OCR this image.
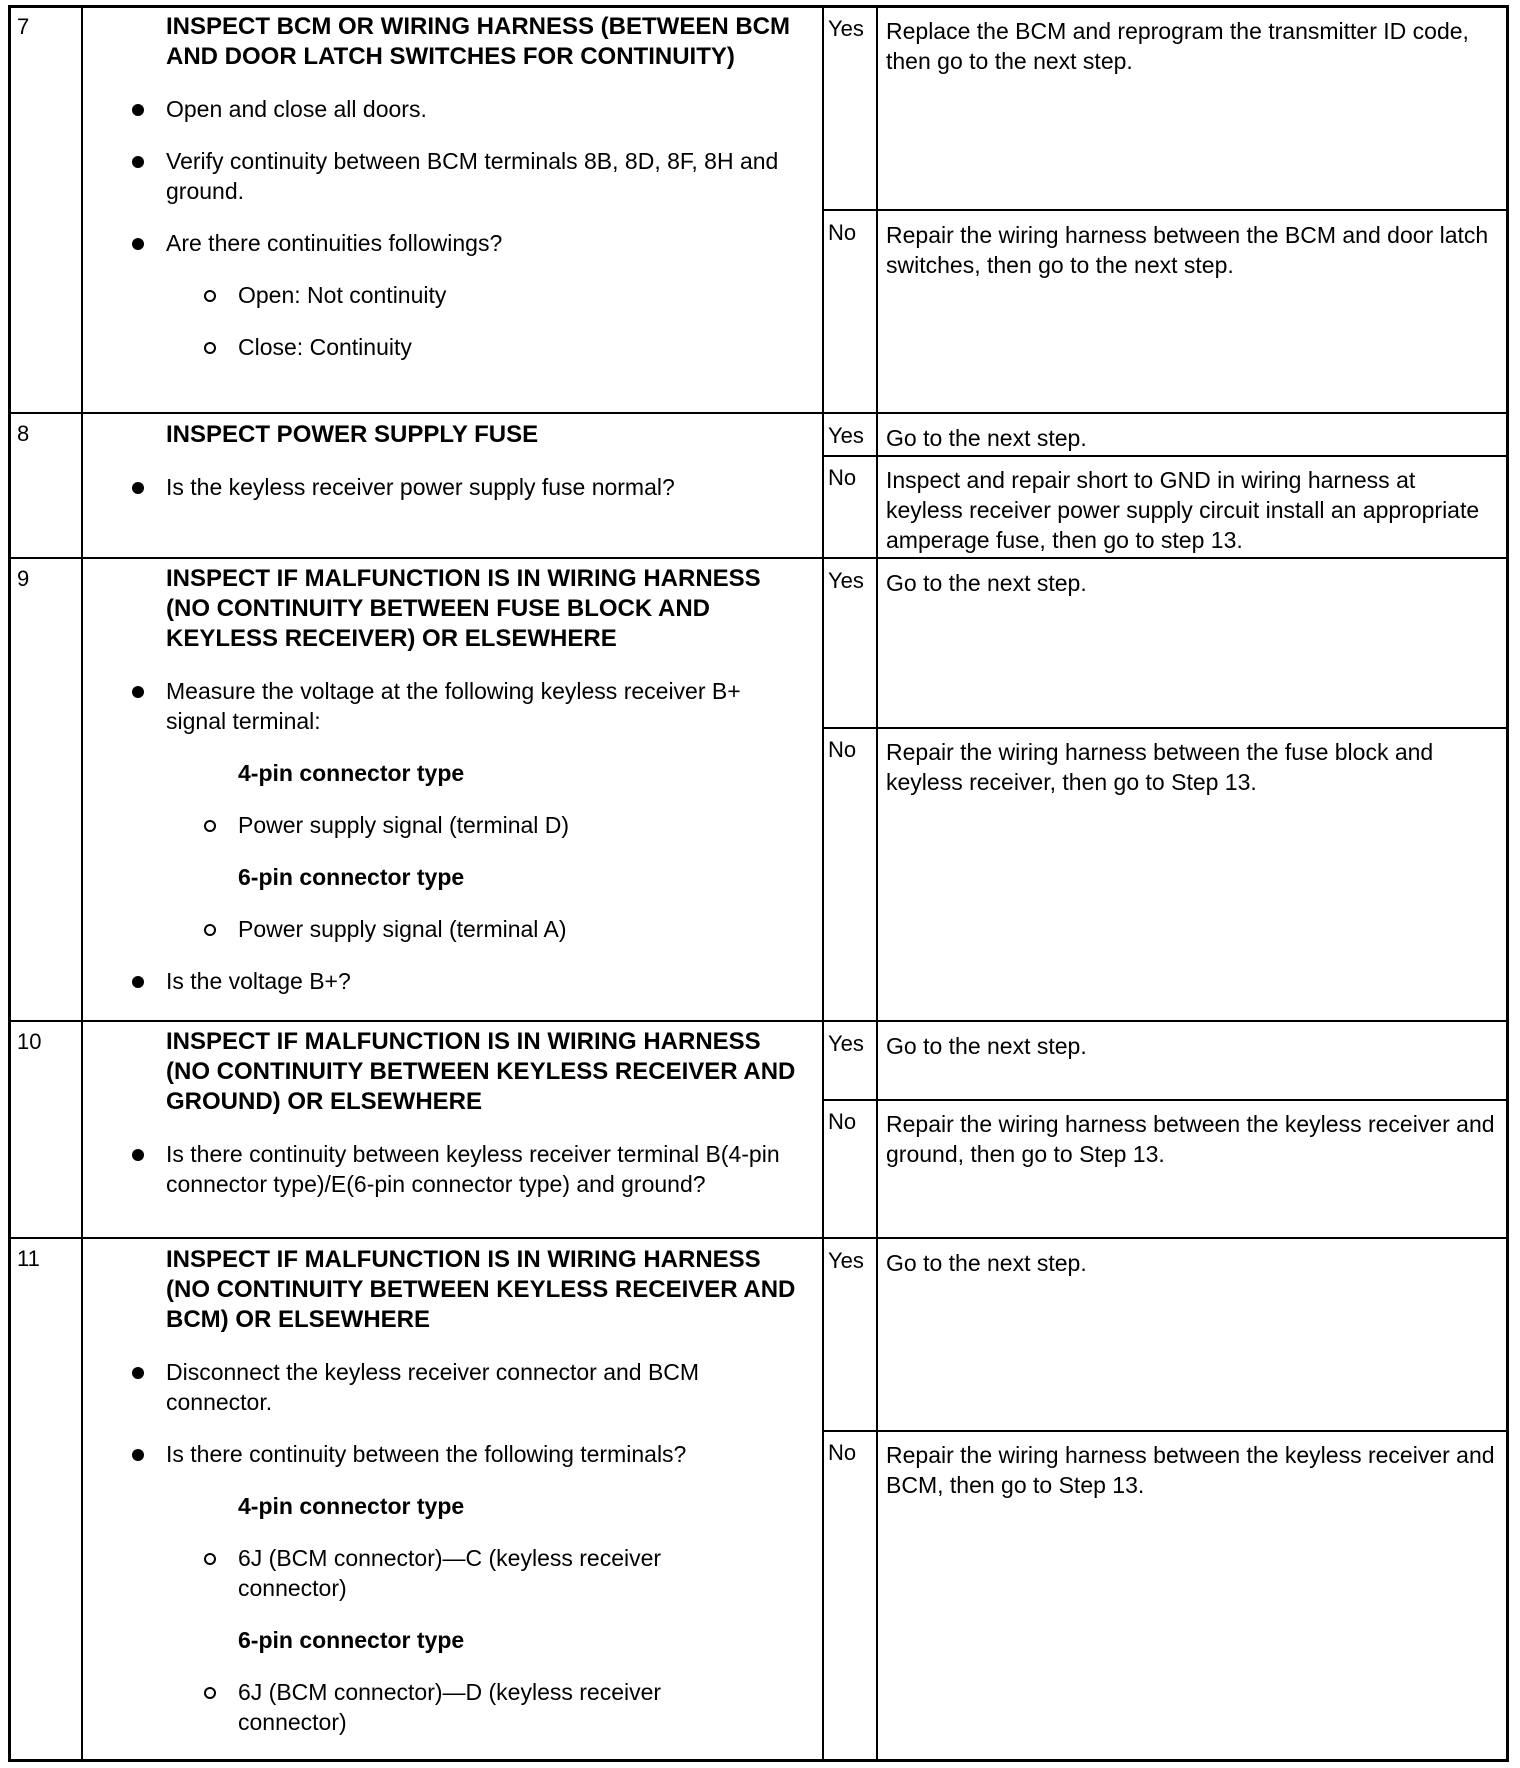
7	INSPECT BCM OR WIRING HARNESS (BETWEEN BCM AND DOOR LATCH SWITCHES FOR CONTINUITY)
Open and close all doors.
Verify continuity between BCM terminals 8B, 8D, 8F, 8H and ground.
Are there continuities followings?
Open: Not continuity
Close: Continuity
Yes Replace the BCM and reprogram the transmitter ID code, then go to the next step.
No	Repair the wiring harness between the BCM and door latch switches, then go to the next step.
8	INSPECT POWER SUPPLY FUSE
Is the keyless receiver power supply fuse normal?
Yes Go to the next step.
No	Inspect and repair short to GND in wiring harness at keyless receiver power supply circuit install an appropriate amperage fuse, then go to step 13.
9	INSPECT IF MALFUNCTION IS IN WIRING HARNESS (NO CONTINUITY BETWEEN FUSE BLOCK AND KEYLESS RECEIVER) OR ELSEWHERE
Measure the voltage at the following keyless receiver B+ signal terminal:
4-pin connector type
Power supply signal (terminal D)
6-pin connector type
Power supply signal (terminal A)
Is the voltage B+?
Yes Go to the next step.
No	Repair the wiring harness between the fuse block and keyless receiver, then go to Step 13.
10	INSPECT IF MALFUNCTION IS IN WIRING HARNESS (NO CONTINUITY BETWEEN KEYLESS RECEIVER AND GROUND) OR ELSEWHERE
Is there continuity between keyless receiver terminal B(4-pin connector type)/E(6-pin connector type) and ground?
Yes Go to the next step.
No	Repair the wiring harness between the keyless receiver and ground, then go to Step 13.
11	INSPECT IF MALFUNCTION IS IN WIRING HARNESS (NO CONTINUITY BETWEEN KEYLESS RECEIVER AND BCM) OR ELSEWHERE
Disconnect the keyless receiver connector and BCM connector.
Is there continuity between the following terminals?
4-pin connector type
6J (BCM connector)—C (keyless receiver connector)
6-pin connector type
6J (BCM connector)—D (keyless receiver connector)
Yes Go to the next step.
No	Repair the wiring harness between the keyless receiver and BCM, then go to Step 13.
